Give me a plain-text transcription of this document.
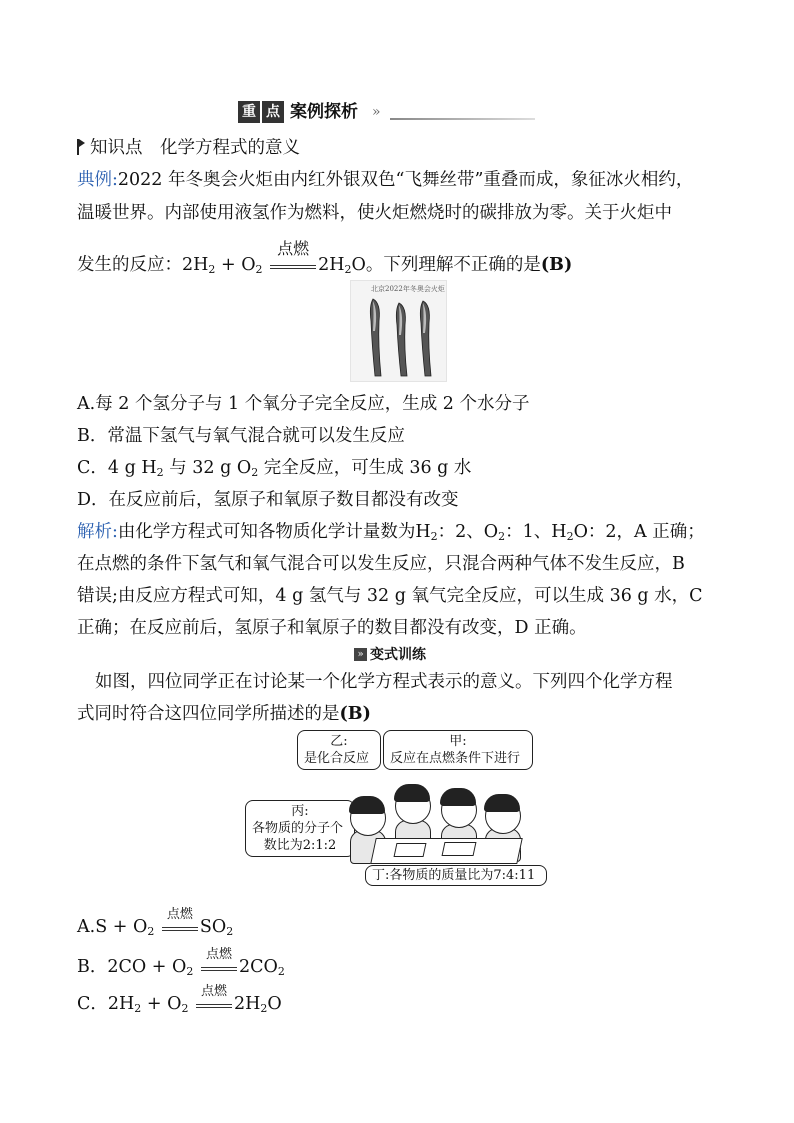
重 点 案例探析 »
知识点　化学方程式的意义
典例:2022 年冬奥会火炬由内红外银双色“飞舞丝带”重叠而成，象征冰火相约，
温暖世界。内部使用液氢作为燃料，使火炬燃烧时的碳排放为零。关于火炬中
发生的反应：$2H_2 + O_2$
点燃
$2H_2O$。下列理解不正确的是(B)
北京2022年冬奥会火炬
A.每 2 个氢分子与 1 个氧分子完全反应，生成 2 个水分子
B．常温下氢气与氧气混合就可以发生反应
C．4 g $H_2$ 与 32 g $O_2$ 完全反应，可生成 36 g 水
D．在反应前后，氢原子和氧原子数目都没有改变
解析:由化学方程式可知各物质化学计量数为$H_2$：2、$O_2$：1、$H_2O$：2，A 正确；
在点燃的条件下氢气和氧气混合可以发生反应，只混合两种气体不发生反应，B
错误;由反应方程式可知，4 g 氢气与 32 g 氧气完全反应，可以生成 36 g 水，C
正确；在反应前后，氢原子和氧原子的数目都没有改变，D 正确。
» 变式训练
如图，四位同学正在讨论某一个化学方程式表示的意义。下列四个化学方程
式同时符合这四位同学所描述的是(B)
乙:
是化合反应
甲:
反应在点燃条件下进行
丙:
各物质的分子个
数比为2:1:2
丁:各物质的质量比为7:4:11
$A.S + O_2$
点燃
$SO_2$
B．$2CO + O_2$
点燃
$2CO_2$
C．$2H_2 + O_2$
点燃
$2H_2O$
